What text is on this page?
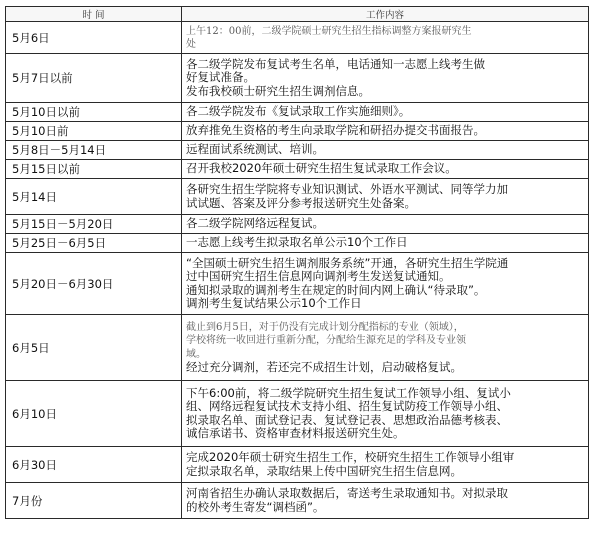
时 间	工作内容
5月6日	上午12：00前，二级学院硕士研究生招生指标调整方案报研究生
处

5月7日以前	各二级学院发布复试考生名单，电话通知一志愿上线考生做
好复试准备。
发布我校硕士研究生招生调剂信息。

5月10日以前	各二级学院发布《复试录取工作实施细则》。

5月10日前	放弃推免生资格的考生向录取学院和研招办提交书面报告。

5月8日－5月14日	远程面试系统测试、培训。

5月15日以前	召开我校2020年硕士研究生招生复试录取工作会议。

5月14日	各研究生招生学院将专业知识测试、外语水平测试、同等学力加
试试题、答案及评分参考报送研究生处备案。

5月15日－5月20日	各二级学院网络远程复试。

5月25日－6月5日	一志愿上线考生拟录取名单公示10个工作日

5月20日－6月30日	“全国硕士研究生招生调剂服务系统”开通，各研究生招生学院通
过中国研究生招生信息网向调剂考生发送复试通知。
通知拟录取的调剂考生在规定的时间内网上确认“待录取”。
调剂考生复试结果公示10个工作日

6月5日	截止到6月5日，对于仍没有完成计划分配指标的专业（领域），
学校将统一收回进行重新分配，分配给生源充足的学科及专业领
域。
经过充分调剂，若还完不成招生计划，启动破格复试。

6月10日	下午6:00前，将二级学院研究生招生复试工作领导小组、复试小
组、网络远程复试技术支持小组、招生复试防疫工作领导小组、
拟录取名单、面试登记表、复试登记表、思想政治品德考核表、
诚信承诺书、资格审查材料报送研究生处。

6月30日	完成2020年硕士研究生招生工作，校研究生招生工作领导小组审
定拟录取名单，录取结果上传中国研究生招生信息网。

7月份	河南省招生办确认录取数据后，寄送考生录取通知书。对拟录取
的校外考生寄发“调档函”。
